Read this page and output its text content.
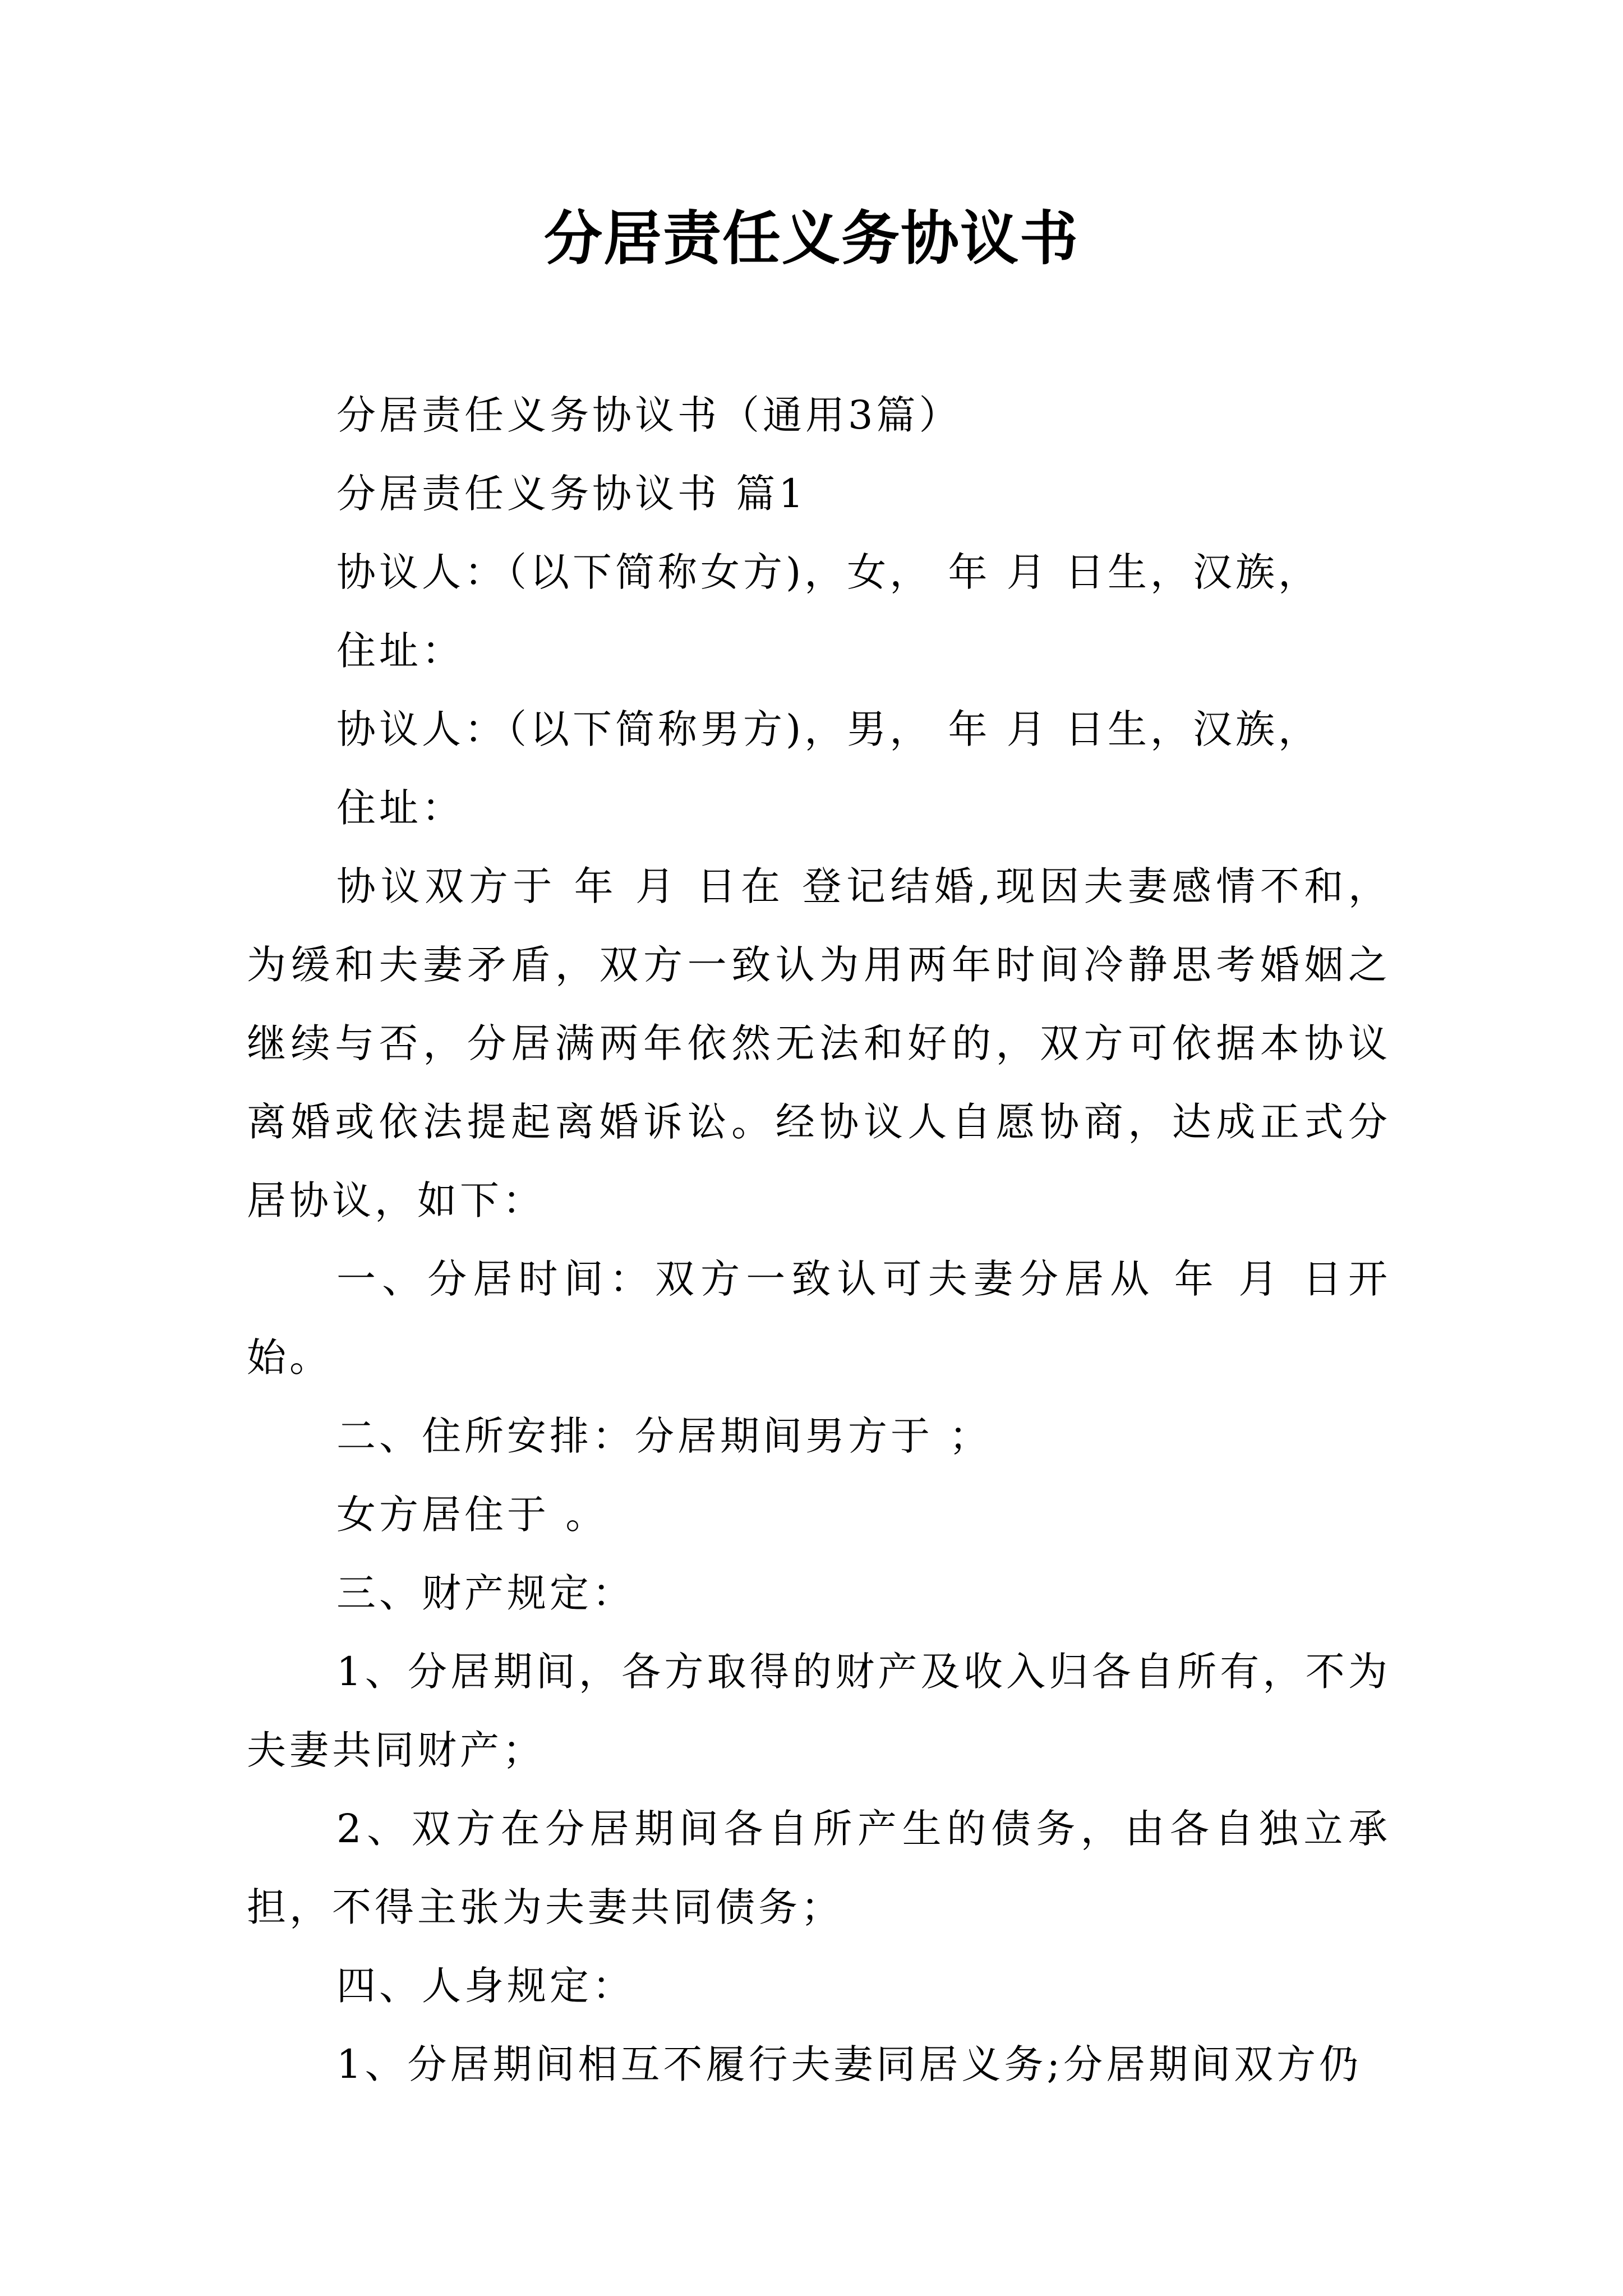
分居责任义务协议书

分居责任义务协议书（通用3篇）

分居责任义务协议书 篇1

协议人：（以下简称女方)，女， 年 月 日生，汉族，

住址：

协议人：（以下简称男方)，男， 年 月 日生，汉族，

住址：

协议双方于 年 月 日在 登记结婚,现因夫妻感情不和，为缓和夫妻矛盾，双方一致认为用两年时间冷静思考婚姻之继续与否，分居满两年依然无法和好的，双方可依据本协议离婚或依法提起离婚诉讼。经协议人自愿协商，达成正式分居协议，如下：

一、分居时间：双方一致认可夫妻分居从 年 月 日开始。

二、住所安排：分居期间男方于 ；

女方居住于 。

三、财产规定：

1、分居期间，各方取得的财产及收入归各自所有，不为夫妻共同财产；

2、双方在分居期间各自所产生的债务，由各自独立承担，不得主张为夫妻共同债务；

四、人身规定：

1、分居期间相互不履行夫妻同居义务;分居期间双方仍
